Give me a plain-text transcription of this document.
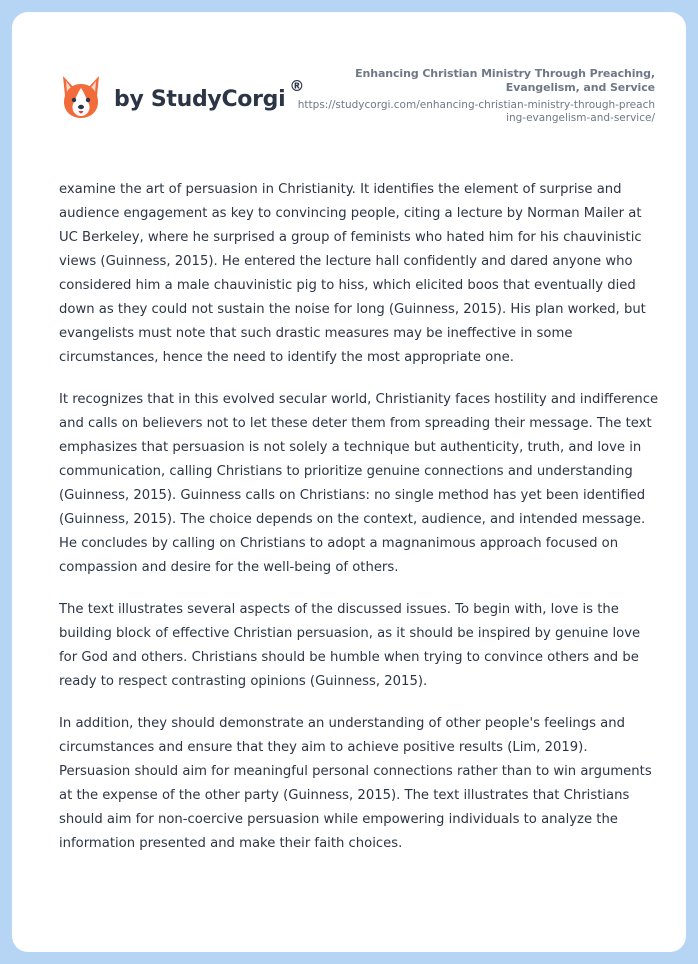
by StudyCorgi
®
Enhancing Christian Ministry Through Preaching, Evangelism, and Service
https://studycorgi.com/enhancing-christian-ministry-through-preaching-evangelism-and-service/

examine the art of persuasion in Christianity. It identifies the element of surprise and audience engagement as key to convincing people, citing a lecture by Norman Mailer at UC Berkeley, where he surprised a group of feminists who hated him for his chauvinistic views (Guinness, 2015). He entered the lecture hall confidently and dared anyone who considered him a male chauvinistic pig to hiss, which elicited boos that eventually died down as they could not sustain the noise for long (Guinness, 2015). His plan worked, but evangelists must note that such drastic measures may be ineffective in some circumstances, hence the need to identify the most appropriate one.

It recognizes that in this evolved secular world, Christianity faces hostility and indifference and calls on believers not to let these deter them from spreading their message. The text emphasizes that persuasion is not solely a technique but authenticity, truth, and love in communication, calling Christians to prioritize genuine connections and understanding (Guinness, 2015). Guinness calls on Christians: no single method has yet been identified (Guinness, 2015). The choice depends on the context, audience, and intended message. He concludes by calling on Christians to adopt a magnanimous approach focused on compassion and desire for the well-being of others.

The text illustrates several aspects of the discussed issues. To begin with, love is the building block of effective Christian persuasion, as it should be inspired by genuine love for God and others. Christians should be humble when trying to convince others and be ready to respect contrasting opinions (Guinness, 2015).

In addition, they should demonstrate an understanding of other people's feelings and circumstances and ensure that they aim to achieve positive results (Lim, 2019). Persuasion should aim for meaningful personal connections rather than to win arguments at the expense of the other party (Guinness, 2015). The text illustrates that Christians should aim for non-coercive persuasion while empowering individuals to analyze the information presented and make their faith choices.
